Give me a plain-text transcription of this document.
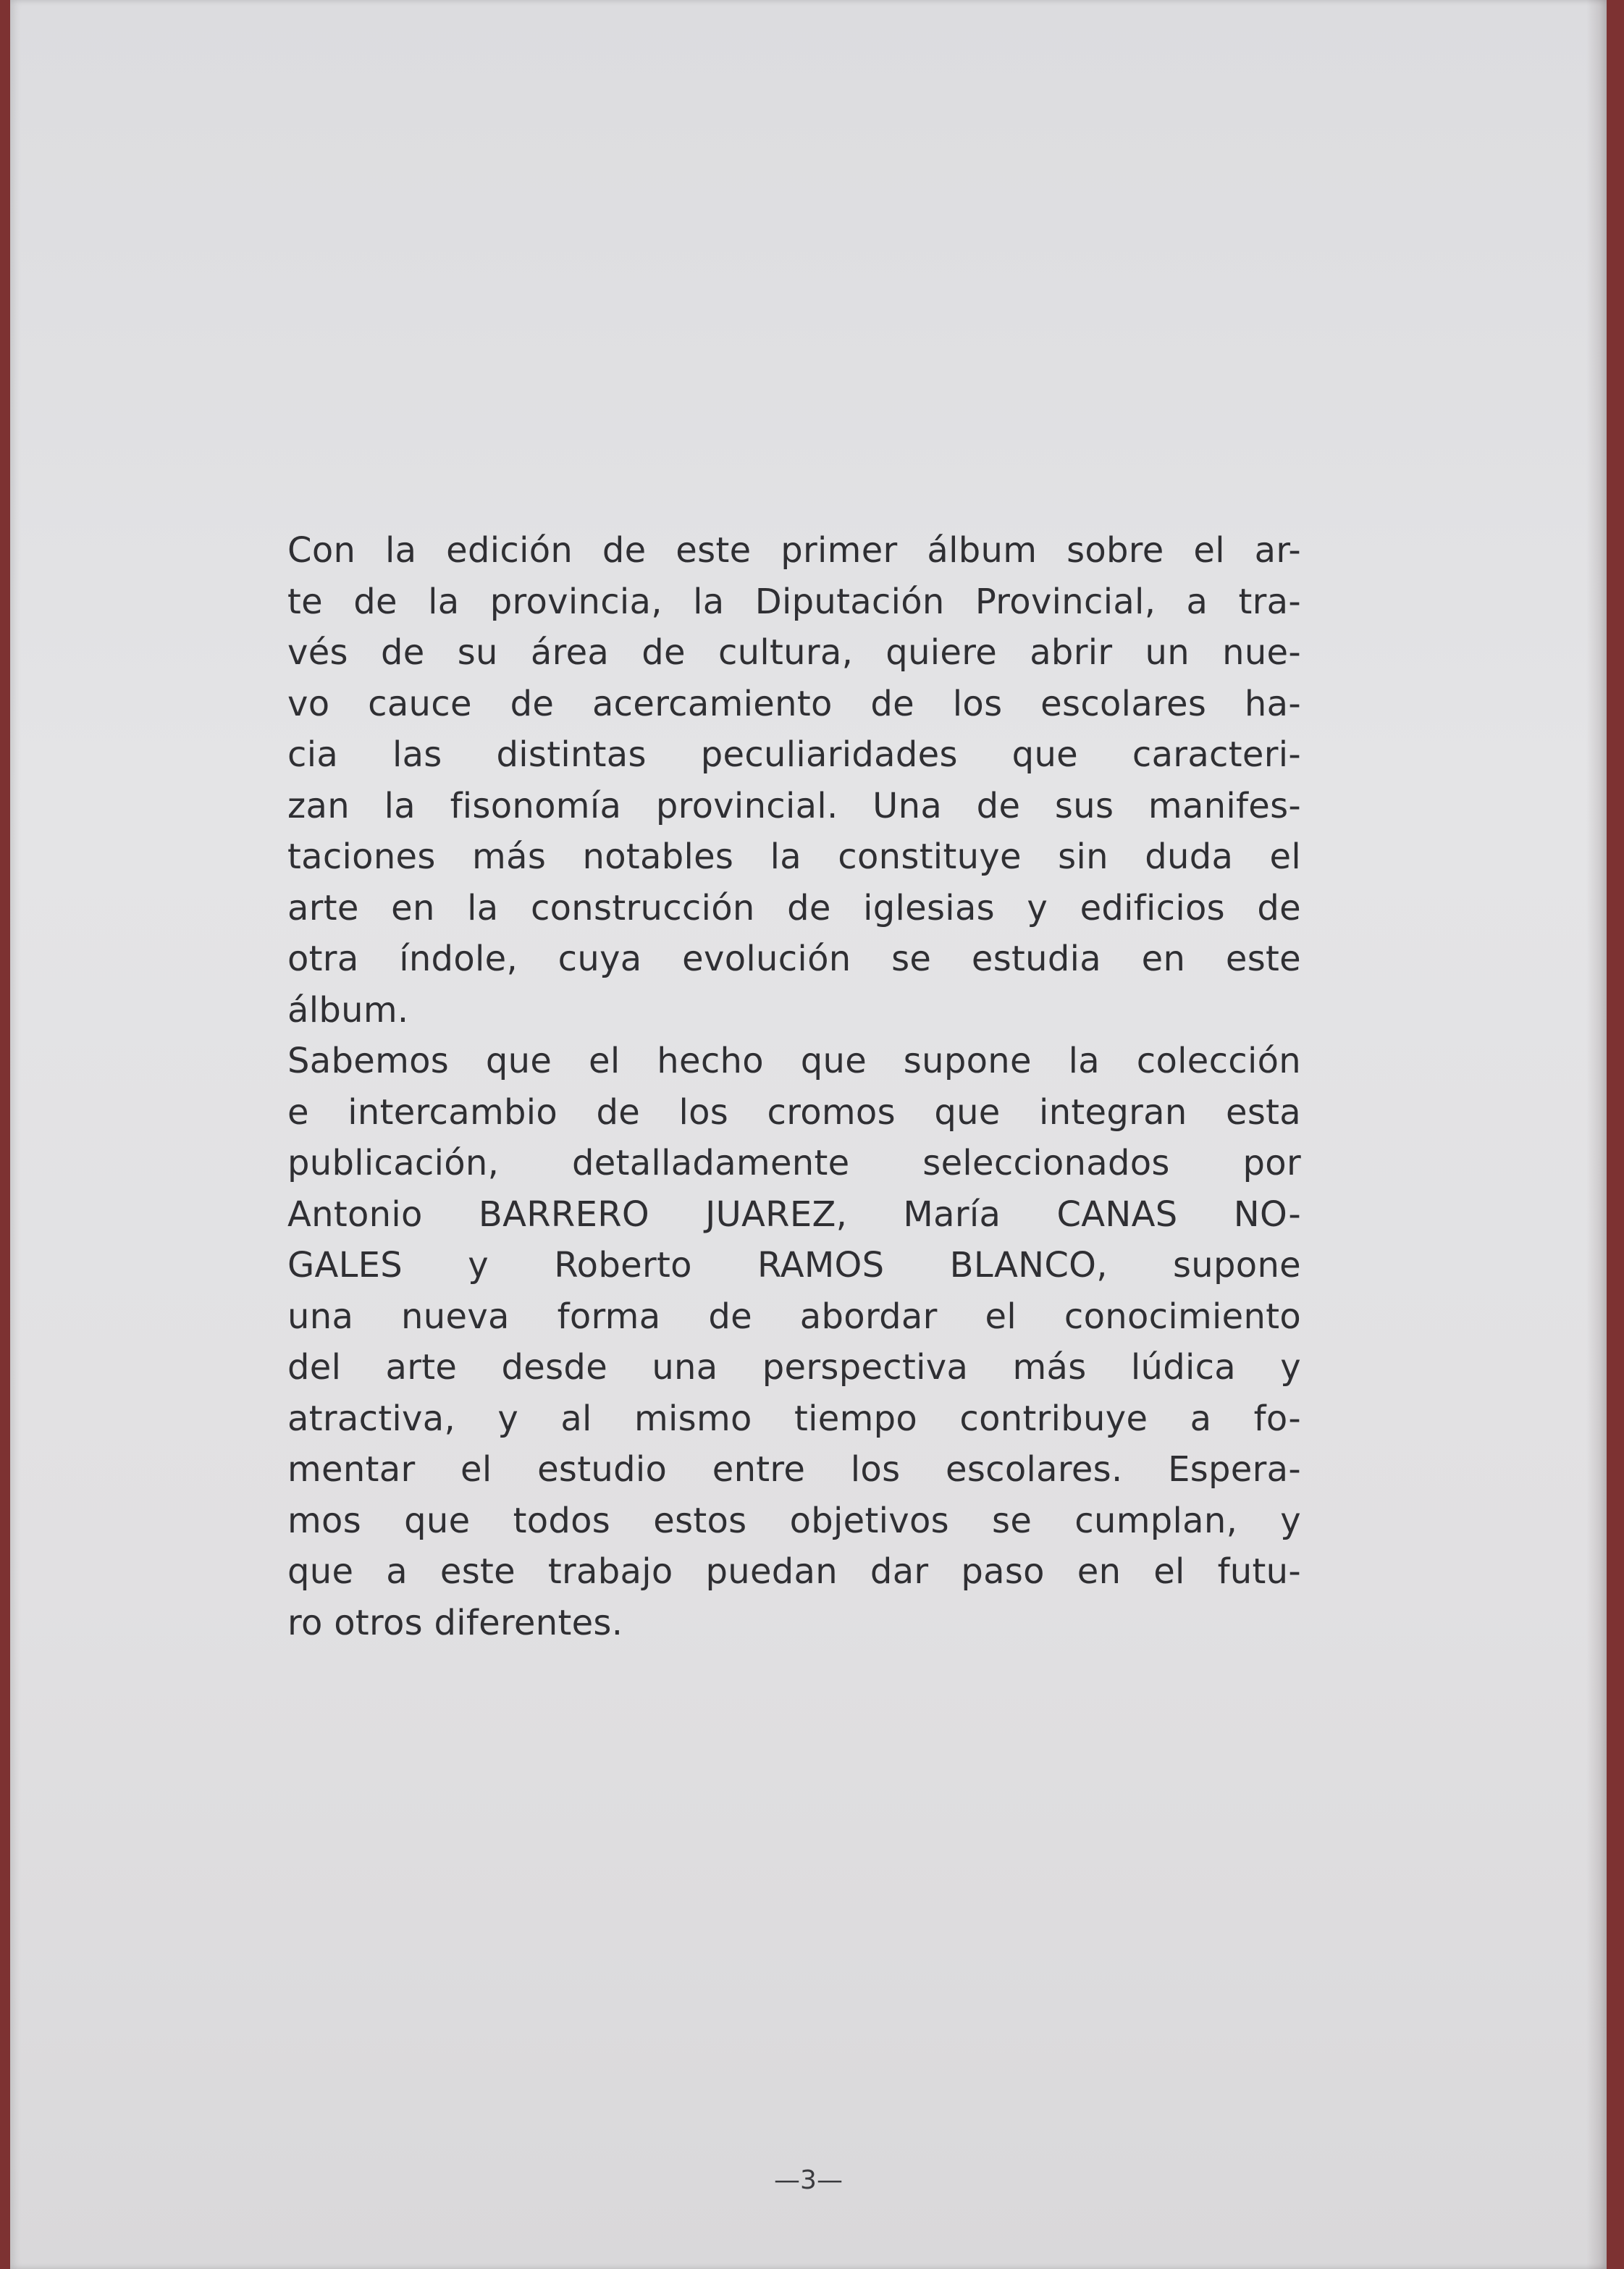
Con la edición de este primer álbum sobre el ar-
te de la provincia, la Diputación Provincial, a tra-
vés de su área de cultura, quiere abrir un nue-
vo cauce de acercamiento de los escolares ha-
cia las distintas peculiaridades que caracteri-
zan la fisonomía provincial. Una de sus manifes-
taciones más notables la constituye sin duda el
arte en la construcción de iglesias y edificios de
otra índole, cuya evolución se estudia en este
álbum.
Sabemos que el hecho que supone la colección
e intercambio de los cromos que integran esta
publicación, detalladamente seleccionados por
Antonio BARRERO JUAREZ, María CANAS NO-
GALES y Roberto RAMOS BLANCO, supone
una nueva forma de abordar el conocimiento
del arte desde una perspectiva más lúdica y
atractiva, y al mismo tiempo contribuye a fo-
mentar el estudio entre los escolares. Espera-
mos que todos estos objetivos se cumplan, y
que a este trabajo puedan dar paso en el futu-
ro otros diferentes.
—3—
